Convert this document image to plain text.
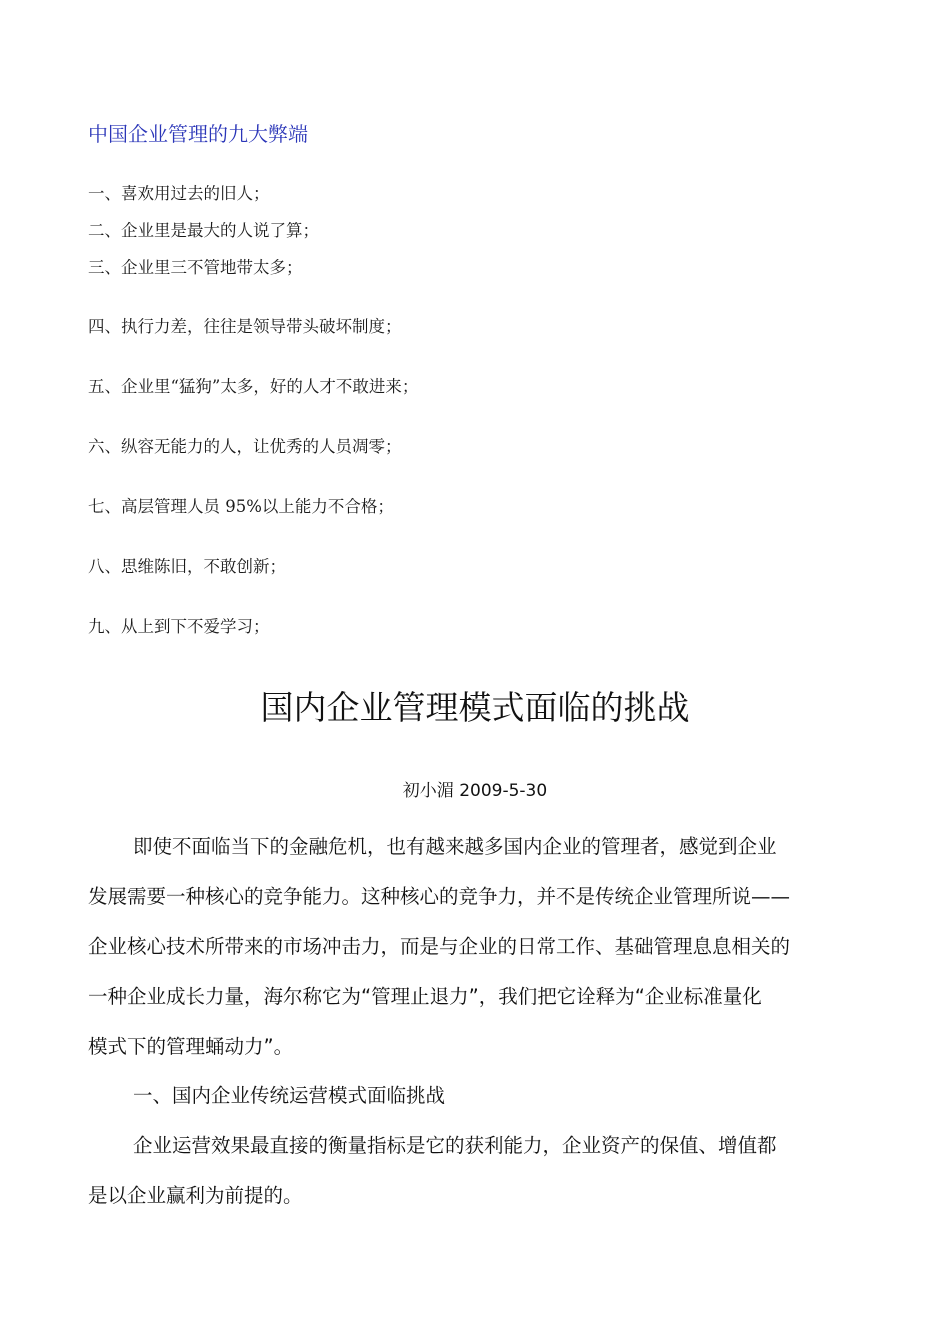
中国企业管理的九大弊端
一、喜欢用过去的旧人；
二、企业里是最大的人说了算；
三、企业里三不管地带太多；
四、执行力差，往往是领导带头破坏制度；
五、企业里“猛狗”太多，好的人才不敢进来；
六、纵容无能力的人，让优秀的人员凋零；
七、高层管理人员 95%以上能力不合格；
八、思维陈旧，不敢创新；
九、从上到下不爱学习；
国内企业管理模式面临的挑战
初小湄 2009-5-30
即使不面临当下的金融危机，也有越来越多国内企业的管理者，感觉到企业
发展需要一种核心的竞争能力。这种核心的竞争力，并不是传统企业管理所说——
企业核心技术所带来的市场冲击力，而是与企业的日常工作、基础管理息息相关的
一种企业成长力量，海尔称它为“管理止退力”，我们把它诠释为“企业标准量化
模式下的管理蛹动力”。
一、国内企业传统运营模式面临挑战
企业运营效果最直接的衡量指标是它的获利能力，企业资产的保值、增值都
是以企业赢利为前提的。
